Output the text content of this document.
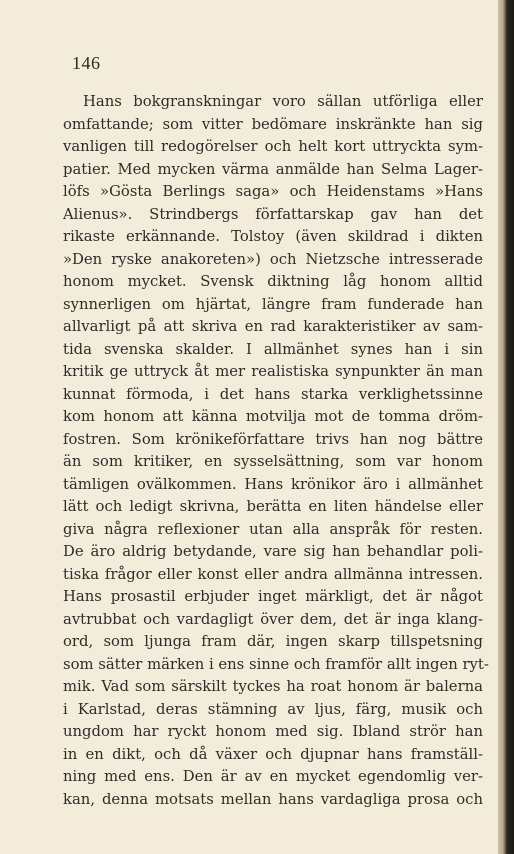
146
Hans bokgranskningar voro sällan utförliga eller
omfattande; som vitter bedömare inskränkte han sig
vanligen till redogörelser och helt kort uttryckta sym-
patier. Med mycken värma anmälde han Selma Lager-
löfs »Gösta Berlings saga» och Heidenstams »Hans
Alienus». Strindbergs författarskap gav han det
rikaste erkännande. Tolstoy (även skildrad i dikten
»Den ryske anakoreten») och Nietzsche intresserade
honom mycket. Svensk diktning låg honom alltid
synnerligen om hjärtat, längre fram funderade han
allvarligt på att skriva en rad karakteristiker av sam-
tida svenska skalder. I allmänhet synes han i sin
kritik ge uttryck åt mer realistiska synpunkter än man
kunnat förmoda, i det hans starka verklighetssinne
kom honom att känna motvilja mot de tomma dröm-
fostren. Som krönikeförfattare trivs han nog bättre
än som kritiker, en sysselsättning, som var honom
tämligen ovälkommen. Hans krönikor äro i allmänhet
lätt och ledigt skrivna, berätta en liten händelse eller
giva några reflexioner utan alla anspråk för resten.
De äro aldrig betydande, vare sig han behandlar poli-
tiska frågor eller konst eller andra allmänna intressen.
Hans prosastil erbjuder inget märkligt, det är något
avtrubbat och vardagligt över dem, det är inga klang-
ord, som ljunga fram där, ingen skarp tillspetsning
som sätter märken i ens sinne och framför allt ingen ryt-
mik. Vad som särskilt tyckes ha roat honom är balerna
i Karlstad, deras stämning av ljus, färg, musik och
ungdom har ryckt honom med sig. Ibland strör han
in en dikt, och då växer och djupnar hans framställ-
ning med ens. Den är av en mycket egendomlig ver-
kan, denna motsats mellan hans vardagliga prosa och
